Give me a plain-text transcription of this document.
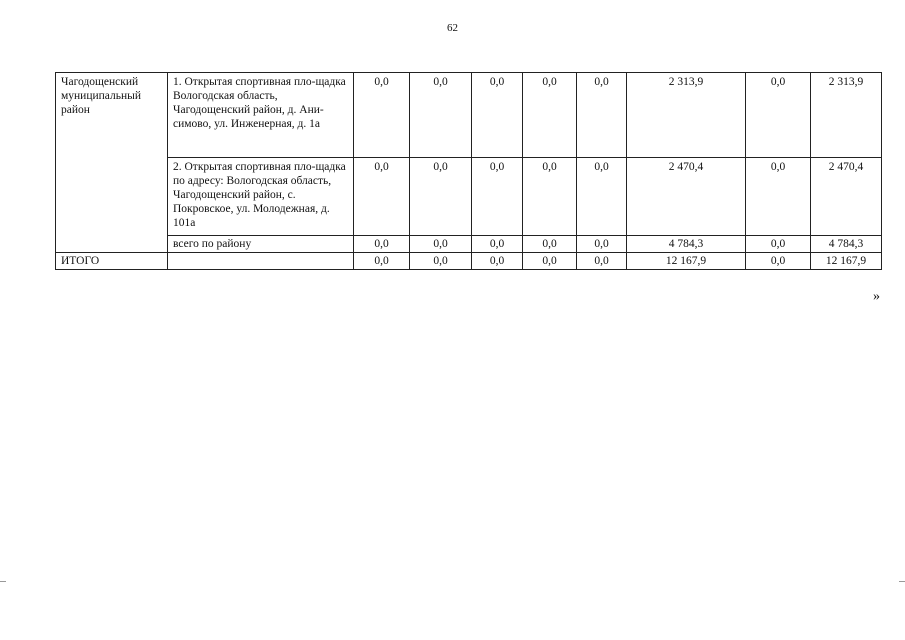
62
Чагодощенский муниципальный район	1. Открытая спортивная пло-щадка Вологодская область, Чагодощенский район, д. Ани-симово, ул. Инженерная, д. 1а	0,0	0,0	0,0	0,0	0,0	2 313,9	0,0	2 313,9
	2. Открытая спортивная пло-щадка по адресу: Вологодская область, Чагодощенский район, с. Покровское, ул. Молодежная, д. 101а	0,0	0,0	0,0	0,0	0,0	2 470,4	0,0	2 470,4
	всего по району	0,0	0,0	0,0	0,0	0,0	4 784,3	0,0	4 784,3
ИТОГО		0,0	0,0	0,0	0,0	0,0	12 167,9	0,0	12 167,9
»
